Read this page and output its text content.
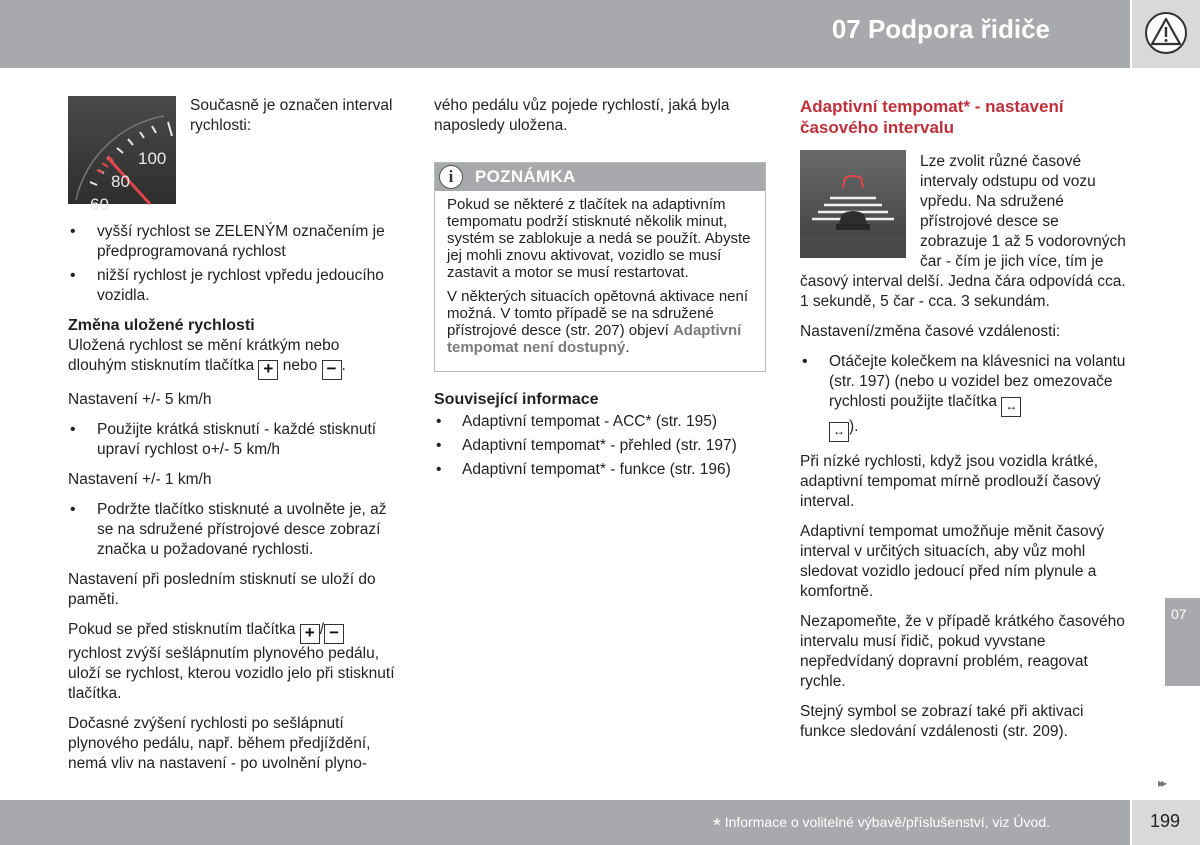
07 Podpora řidiče
100
80
60
Současně je označen interval rychlosti:
• vyšší rychlost se ZELENÝM označením je předprogramovaná rychlost
• nižší rychlost je rychlost vpředu jedoucího vozidla.

Změna uložené rychlosti

Uložená rychlost se mění krátkým nebo dlouhým stisknutím tlačítka + nebo − .

Nastavení +/- 5 km/h

• Použijte krátká stisknutí - každé stisknutí upraví rychlost o+/- 5 km/h

Nastavení +/- 1 km/h

• Podržte tlačítko stisknuté a uvolněte je, až se na sdružené přístrojové desce zobrazí značka u požadované rychlosti.

Nastavení při posledním stisknutí se uloží do paměti.

Pokud se před stisknutím tlačítka + / − rychlost zvýší sešlápnutím plynového pedálu, uloží se rychlost, kterou vozidlo jelo při stisknutí tlačítka.

Dočasné zvýšení rychlosti po sešlápnutí plynového pedálu, např. během předjíždění, nemá vliv na nastavení - po uvolnění plyno-

vého pedálu vůz pojede rychlostí, jaká byla naposledy uložena.

i	POZNÁMKA

Pokud se některé z tlačítek na adaptivním tempomatu podrží stisknuté několik minut, systém se zablokuje a nedá se použít. Abyste jej mohli znovu aktivovat, vozidlo se musí zastavit a motor se musí restartovat.

V některých situacích opětovná aktivace není možná. V tomto případě se na sdružené přístrojové desce (str. 207) objeví Adaptivní tempomat není dostupný.

Související informace
• Adaptivní tempomat - ACC* (str. 195)
• Adaptivní tempomat* - přehled (str. 197)
• Adaptivní tempomat* - funkce (str. 196)
Adaptivní tempomat* - nastavení časového intervalu
Lze zvolit různé časové intervaly odstupu od vozu vpředu. Na sdružené přístrojové desce se zobrazuje 1 až 5 vodorovných čar - čím je jich více, tím je časový interval delší. Jedna čára odpovídá cca. 1 sekundě, 5 čar - cca. 3 sekundám.

Nastavení/změna časové vzdálenosti:

• Otáčejte kolečkem na klávesnici na volantu (str. 197) (nebo u vozidel bez omezovače rychlosti použijte tlačítka ↔
↔ ).

Při nízké rychlosti, když jsou vozidla krátké, adaptivní tempomat mírně prodlouží časový interval.

Adaptivní tempomat umožňuje měnit časový interval v určitých situacích, aby vůz mohl sledovat vozidlo jedoucí před ním plynule a komfortně.

Nezapomeňte, že v případě krátkého časového intervalu musí řidič, pokud vyvstane nepředvídaný dopravní problém, reagovat rychle.

Stejný symbol se zobrazí také při aktivaci funkce sledování vzdálenosti (str. 209).

07
▸▸
* Informace o volitelné výbavě/příslušenství, viz Úvod.	199
